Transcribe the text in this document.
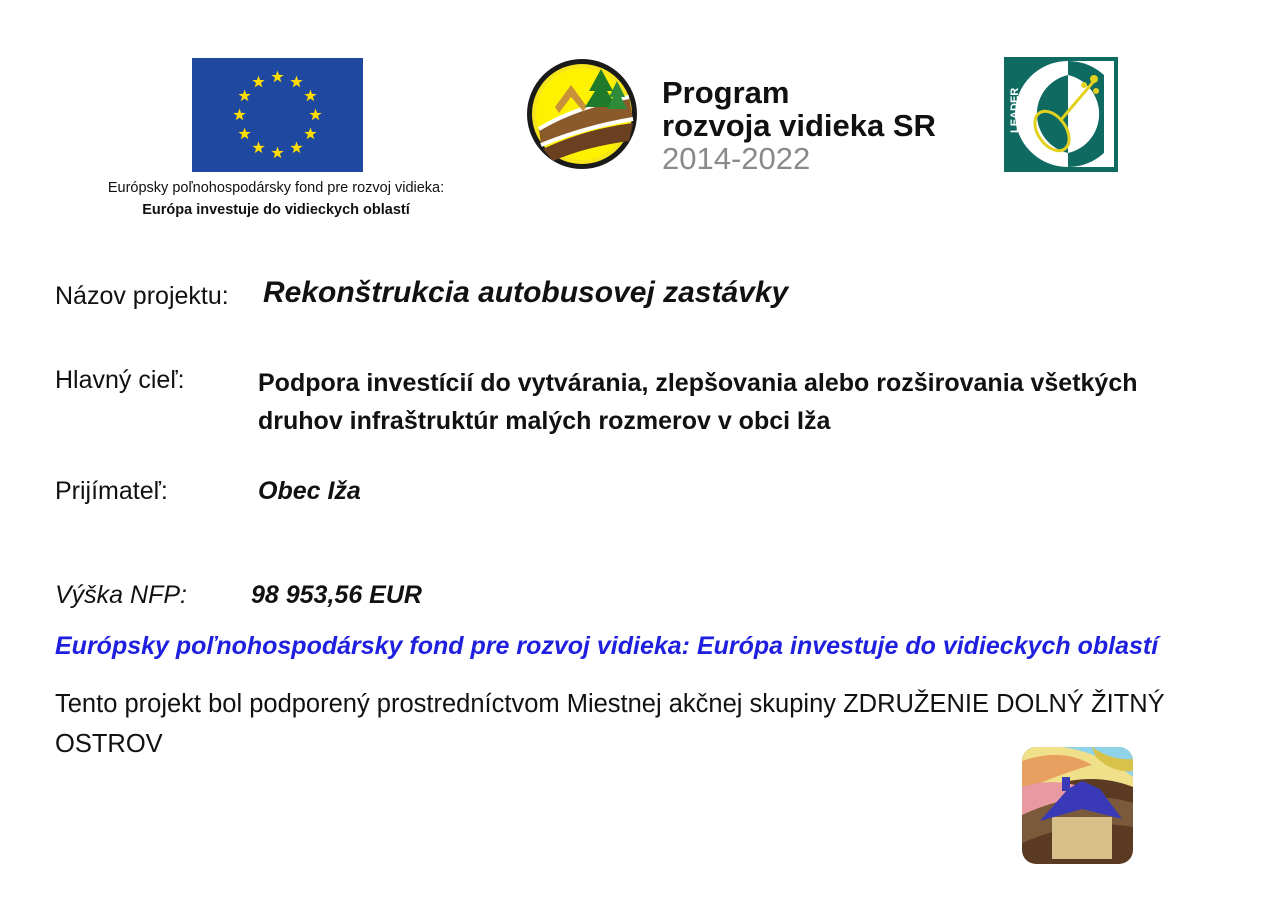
Európsky poľnohospodársky fond pre rozvoj vidieka:
Európa investuje do vidieckych oblastí
Program
rozvoja vidieka SR
2014-2022
LEADER
Názov projektu: Rekonštrukcia autobusovej zastávky
Hlavný cieľ:	Podpora investícií do vytvárania, zlepšovania alebo rozširovania všetkých druhov infraštruktúr malých rozmerov v obci Iža
Prijímateľ:	Obec Iža
Výška NFP:	98 953,56 EUR
Európsky poľnohospodársky fond pre rozvoj vidieka: Európa investuje do vidieckych oblastí
Tento projekt bol podporený prostredníctvom Miestnej akčnej skupiny ZDRUŽENIE DOLNÝ ŽITNÝ OSTROV
